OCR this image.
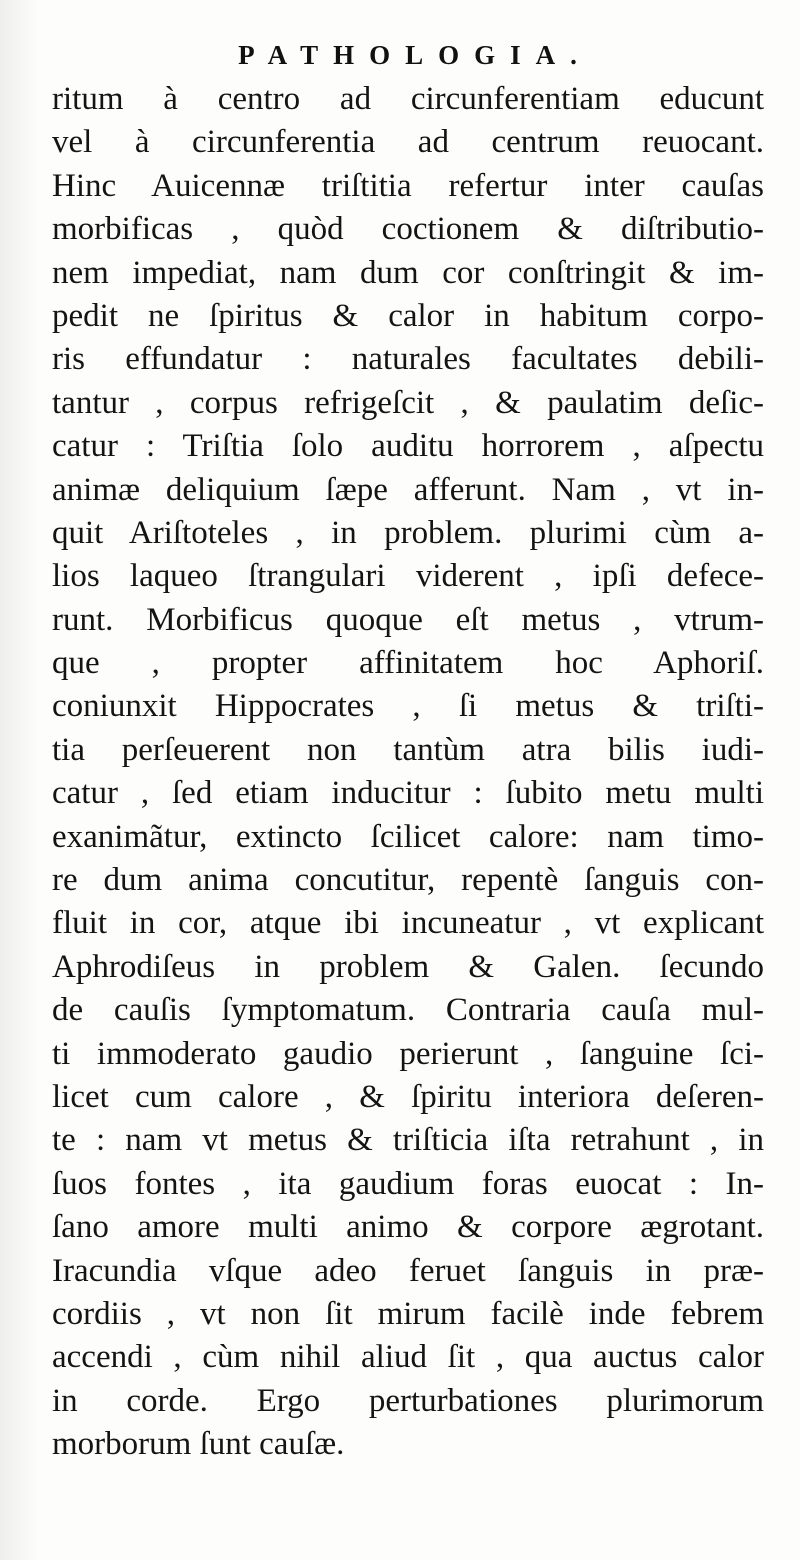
PATHOLOGIA.
ritum à centro ad circunferentiam educunt
vel à circunferentia ad centrum reuocant.
Hinc Auicennæ triſtitia refertur inter cauſas
morbificas , quòd coctionem & diſtributio-
nem impediat, nam dum cor conſtringit & im-
pedit ne ſpiritus & calor in habitum corpo-
ris effundatur : naturales facultates debili-
tantur , corpus refrigeſcit , & paulatim deſic-
catur : Triſtia ſolo auditu horrorem , aſpectu
animæ deliquium ſæpe afferunt. Nam , vt in-
quit Ariſtoteles , in problem. plurimi cùm a-
lios laqueo ſtrangulari viderent , ipſi defece-
runt. Morbificus quoque eſt metus , vtrum-
que , propter affinitatem hoc Aphoriſ.
coniunxit Hippocrates , ſi metus & triſti-
tia perſeuerent non tantùm atra bilis iudi-
catur , ſed etiam inducitur : ſubito metu multi
exanimãtur, extincto ſcilicet calore: nam timo-
re dum anima concutitur, repentè ſanguis con-
fluit in cor, atque ibi incuneatur , vt explicant
Aphrodiſeus in problem & Galen. ſecundo
de cauſis ſymptomatum. Contraria cauſa mul-
ti immoderato gaudio perierunt , ſanguine ſci-
licet cum calore , & ſpiritu interiora deſeren-
te : nam vt metus & triſticia iſta retrahunt , in
ſuos fontes , ita gaudium foras euocat : In-
ſano amore multi animo & corpore ægrotant.
Iracundia vſque adeo feruet ſanguis in præ-
cordiis , vt non ſit mirum facilè inde febrem
accendi , cùm nihil aliud ſit , qua auctus calor
in corde. Ergo perturbationes plurimorum
morborum ſunt cauſæ.
